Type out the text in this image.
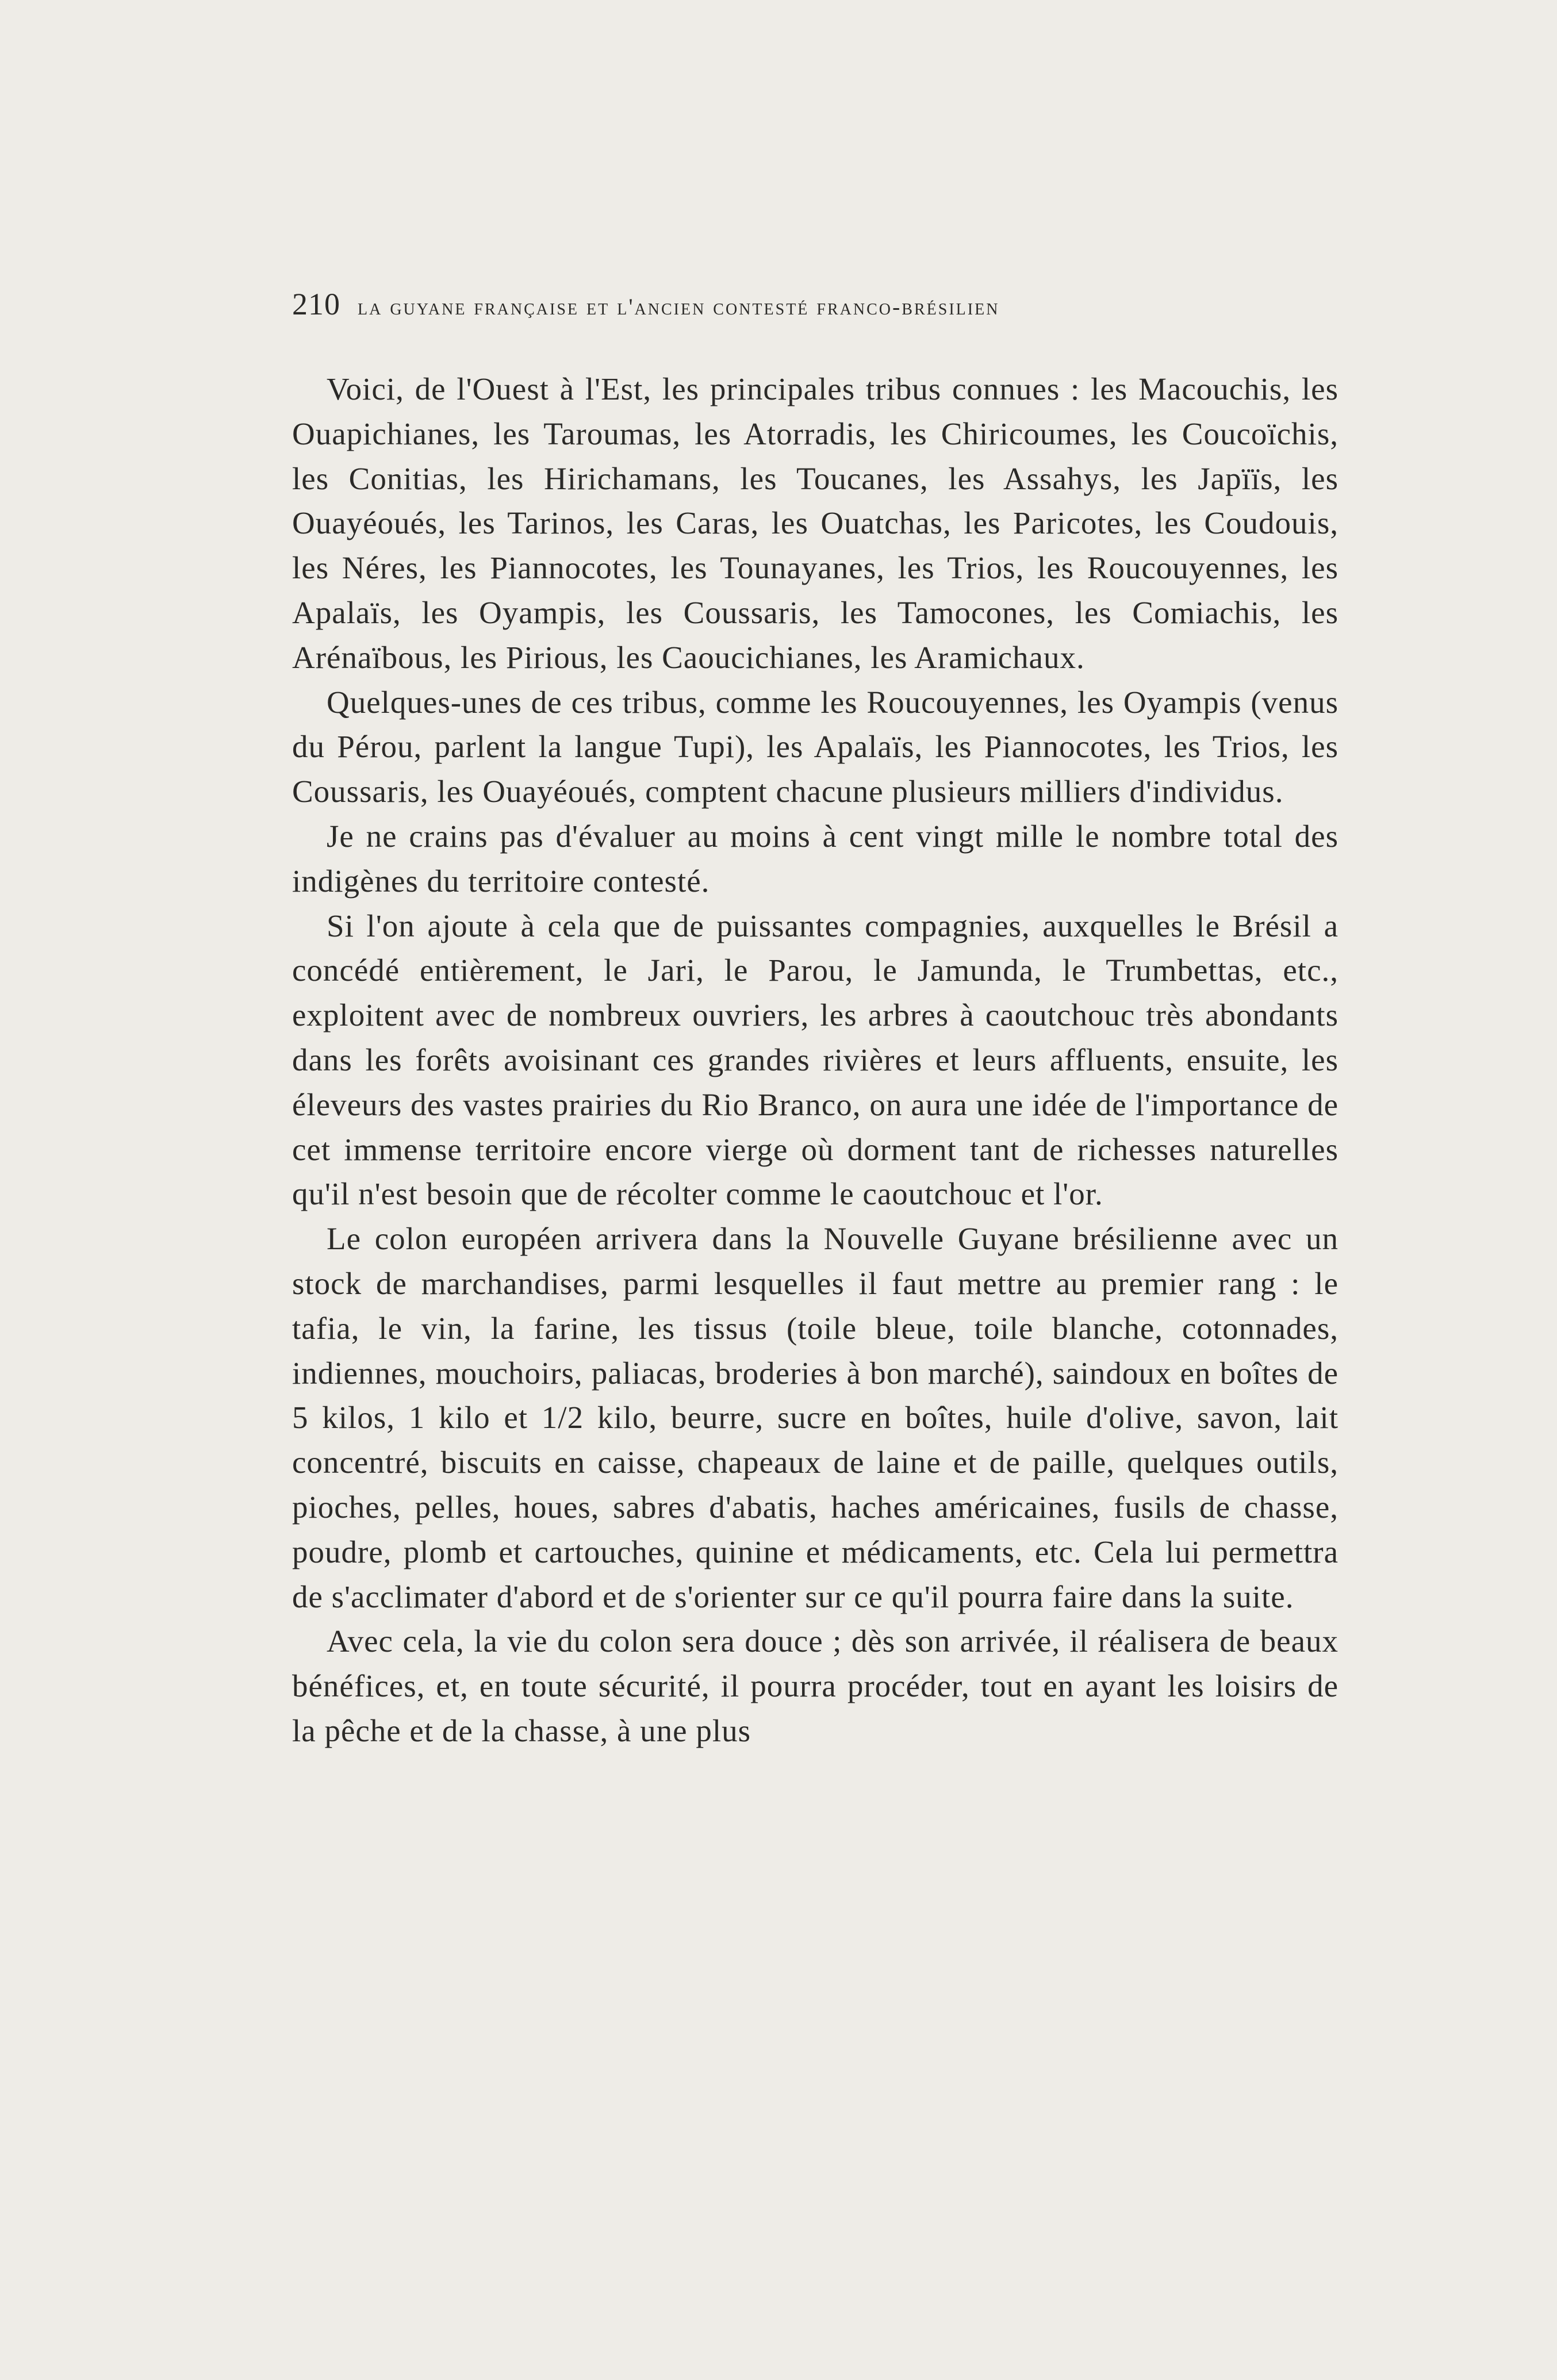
210 la guyane française et l'ancien contesté franco-brésilien

Voici, de l'Ouest à l'Est, les principales tribus connues : les Macouchis, les Ouapichianes, les Taroumas, les Atorradis, les Chiricoumes, les Coucoïchis, les Conitias, les Hirichamans, les Toucanes, les Assahys, les Japïïs, les Ouayéoués, les Tarinos, les Caras, les Ouatchas, les Paricotes, les Coudouis, les Néres, les Piannocotes, les Tounayanes, les Trios, les Roucouyennes, les Apalaïs, les Oyampis, les Coussaris, les Tamocones, les Comiachis, les Arénaïbous, les Pirious, les Caoucichianes, les Aramichaux.

Quelques-unes de ces tribus, comme les Roucouyennes, les Oyampis (venus du Pérou, parlent la langue Tupi), les Apalaïs, les Piannocotes, les Trios, les Coussaris, les Ouayéoués, comptent chacune plusieurs milliers d'individus.

Je ne crains pas d'évaluer au moins à cent vingt mille le nombre total des indigènes du territoire contesté.

Si l'on ajoute à cela que de puissantes compagnies, auxquelles le Brésil a concédé entièrement, le Jari, le Parou, le Jamunda, le Trumbettas, etc., exploitent avec de nombreux ouvriers, les arbres à caoutchouc très abondants dans les forêts avoisinant ces grandes rivières et leurs affluents, ensuite, les éleveurs des vastes prairies du Rio Branco, on aura une idée de l'importance de cet immense territoire encore vierge où dorment tant de richesses naturelles qu'il n'est besoin que de récolter comme le caoutchouc et l'or.

Le colon européen arrivera dans la Nouvelle Guyane brésilienne avec un stock de marchandises, parmi lesquelles il faut mettre au premier rang : le tafia, le vin, la farine, les tissus (toile bleue, toile blanche, cotonnades, indiennes, mouchoirs, paliacas, broderies à bon marché), saindoux en boîtes de 5 kilos, 1 kilo et 1/2 kilo, beurre, sucre en boîtes, huile d'olive, savon, lait concentré, biscuits en caisse, chapeaux de laine et de paille, quelques outils, pioches, pelles, houes, sabres d'abatis, haches américaines, fusils de chasse, poudre, plomb et cartouches, quinine et médicaments, etc. Cela lui permettra de s'acclimater d'abord et de s'orienter sur ce qu'il pourra faire dans la suite.

Avec cela, la vie du colon sera douce ; dès son arrivée, il réalisera de beaux bénéfices, et, en toute sécurité, il pourra procéder, tout en ayant les loisirs de la pêche et de la chasse, à une plus
